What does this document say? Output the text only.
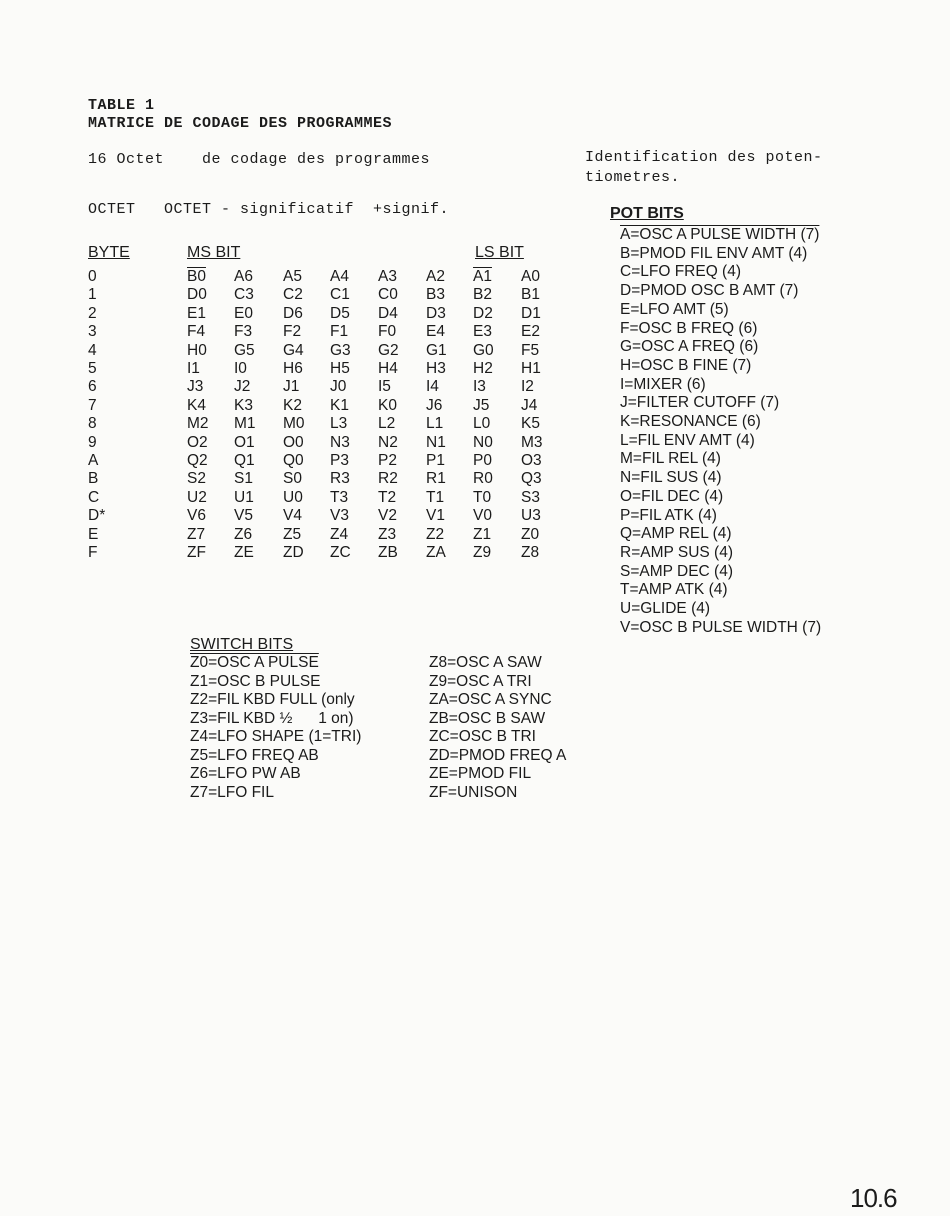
TABLE 1
MATRICE DE CODAGE DES PROGRAMMES
16 Octet    de codage des programmes
OCTET   OCTET - significatif  +signif.
Identification des poten-
tiometres.
BYTE	MS BIT	LS BIT
0	B0 A6 A5 A4 A3 A2 A1 A0
1	D0 C3 C2 C1 C0 B3 B2 B1
2	E1 E0 D6 D5 D4 D3 D2 D1
3	F4 F3 F2 F1 F0 E4 E3 E2
4	H0 G5 G4 G3 G2 G1 G0 F5
5	I1 I0 H6 H5 H4 H3 H2 H1
6	J3 J2 J1 J0 I5 I4 I3 I2
7	K4 K3 K2 K1 K0 J6 J5 J4
8	M2 M1 M0 L3 L2 L1 L0 K5
9	O2 O1 O0 N3 N2 N1 N0 M3
A	Q2 Q1 Q0 P3 P2 P1 P0 O3
B	S2 S1 S0 R3 R2 R1 R0 Q3
C	U2 U1 U0 T3 T2 T1 T0 S3
D*	V6 V5 V4 V3 V2 V1 V0 U3
E	Z7 Z6 Z5 Z4 Z3 Z2 Z1 Z0
F	ZF ZE ZD ZC ZB ZA Z9 Z8
POT BITS
A=OSC A PULSE WIDTH (7)
B=PMOD FIL ENV AMT (4)
C=LFO FREQ (4)
D=PMOD OSC B AMT (7)
E=LFO AMT (5)
F=OSC B FREQ (6)
G=OSC A FREQ (6)
H=OSC B FINE (7)
I=MIXER (6)
J=FILTER CUTOFF (7)
K=RESONANCE (6)
L=FIL ENV AMT (4)
M=FIL REL (4)
N=FIL SUS (4)
O=FIL DEC (4)
P=FIL ATK (4)
Q=AMP REL (4)
R=AMP SUS (4)
S=AMP DEC (4)
T=AMP ATK (4)
U=GLIDE (4)
V=OSC B PULSE WIDTH (7)
SWITCH BITS
Z0=OSC A PULSE
Z1=OSC B PULSE
Z2=FIL KBD FULL (only
Z3=FIL KBD ½      1 on)
Z4=LFO SHAPE (1=TRI)
Z5=LFO FREQ AB
Z6=LFO PW AB
Z7=LFO FIL
Z8=OSC A SAW
Z9=OSC A TRI
ZA=OSC A SYNC
ZB=OSC B SAW
ZC=OSC B TRI
ZD=PMOD FREQ A
ZE=PMOD FIL
ZF=UNISON
10.6
